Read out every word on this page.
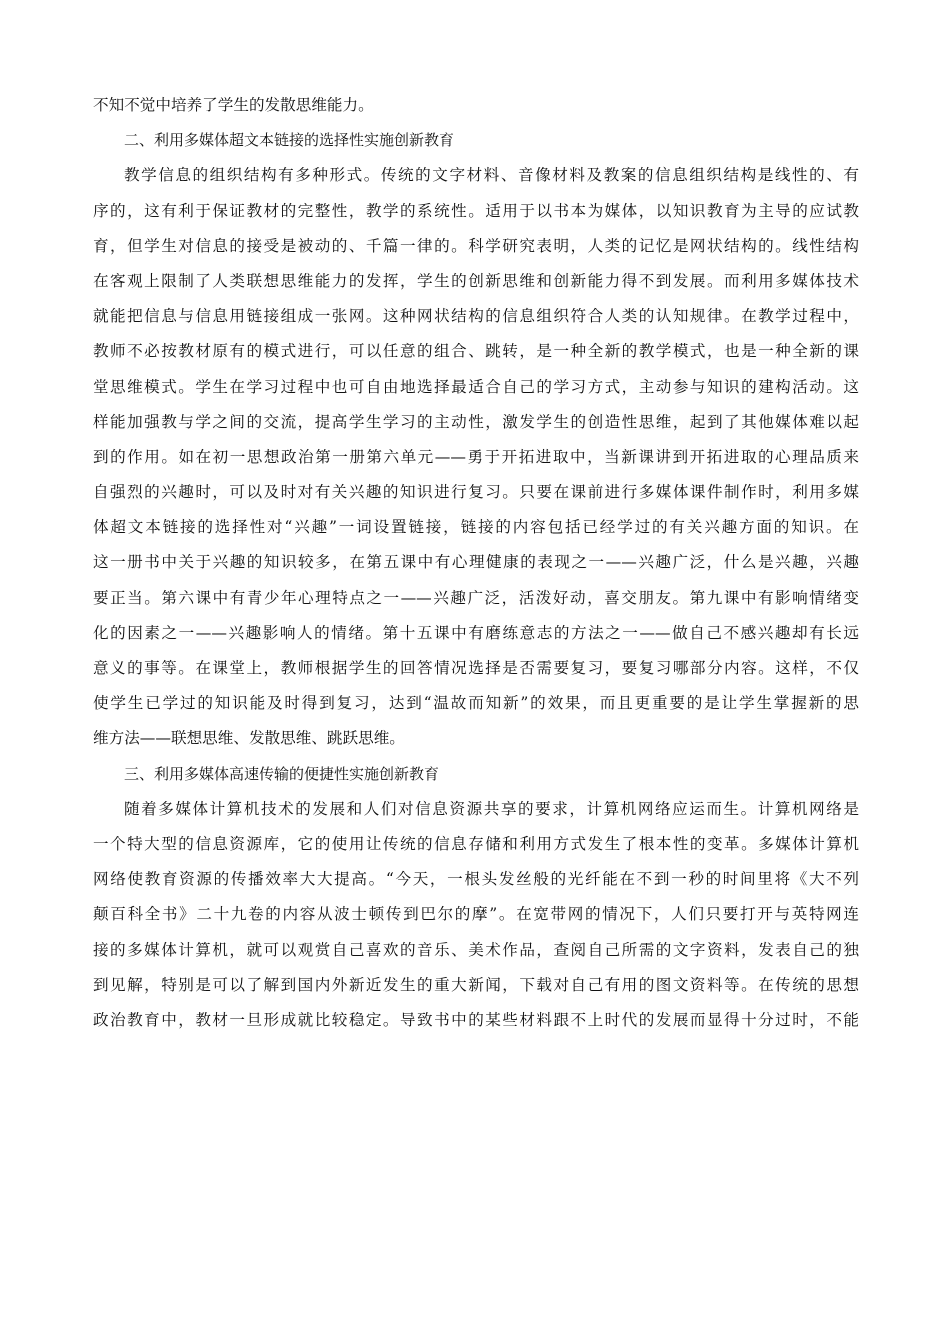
不知不觉中培养了学生的发散思维能力。
二、利用多媒体超文本链接的选择性实施创新教育
教学信息的组织结构有多种形式。传统的文字材料、音像材料及教案的信息组织结构是线性的、有
序的，这有利于保证教材的完整性，教学的系统性。适用于以书本为媒体，以知识教育为主导的应试教
育，但学生对信息的接受是被动的、千篇一律的。科学研究表明，人类的记忆是网状结构的。线性结构
在客观上限制了人类联想思维能力的发挥，学生的创新思维和创新能力得不到发展。而利用多媒体技术
就能把信息与信息用链接组成一张网。这种网状结构的信息组织符合人类的认知规律。在教学过程中，
教师不必按教材原有的模式进行，可以任意的组合、跳转，是一种全新的教学模式，也是一种全新的课
堂思维模式。学生在学习过程中也可自由地选择最适合自己的学习方式，主动参与知识的建构活动。这
样能加强教与学之间的交流，提高学生学习的主动性，激发学生的创造性思维，起到了其他媒体难以起
到的作用。如在初一思想政治第一册第六单元——勇于开拓进取中，当新课讲到开拓进取的心理品质来
自强烈的兴趣时，可以及时对有关兴趣的知识进行复习。只要在课前进行多媒体课件制作时，利用多媒
体超文本链接的选择性对“兴趣”一词设置链接，链接的内容包括已经学过的有关兴趣方面的知识。在
这一册书中关于兴趣的知识较多，在第五课中有心理健康的表现之一——兴趣广泛，什么是兴趣，兴趣
要正当。第六课中有青少年心理特点之一——兴趣广泛，活泼好动，喜交朋友。第九课中有影响情绪变
化的因素之一——兴趣影响人的情绪。第十五课中有磨练意志的方法之一——做自己不感兴趣却有长远
意义的事等。在课堂上，教师根据学生的回答情况选择是否需要复习，要复习哪部分内容。这样，不仅
使学生已学过的知识能及时得到复习，达到“温故而知新”的效果，而且更重要的是让学生掌握新的思
维方法——联想思维、发散思维、跳跃思维。
三、利用多媒体高速传输的便捷性实施创新教育
随着多媒体计算机技术的发展和人们对信息资源共享的要求，计算机网络应运而生。计算机网络是
一个特大型的信息资源库，它的使用让传统的信息存储和利用方式发生了根本性的变革。多媒体计算机
网络使教育资源的传播效率大大提高。“今天，一根头发丝般的光纤能在不到一秒的时间里将《大不列
颠百科全书》二十九卷的内容从波士顿传到巴尔的摩”。在宽带网的情况下，人们只要打开与英特网连
接的多媒体计算机，就可以观赏自己喜欢的音乐、美术作品，查阅自己所需的文字资料，发表自己的独
到见解，特别是可以了解到国内外新近发生的重大新闻，下载对自己有用的图文资料等。在传统的思想
政治教育中，教材一旦形成就比较稳定。导致书中的某些材料跟不上时代的发展而显得十分过时，不能
